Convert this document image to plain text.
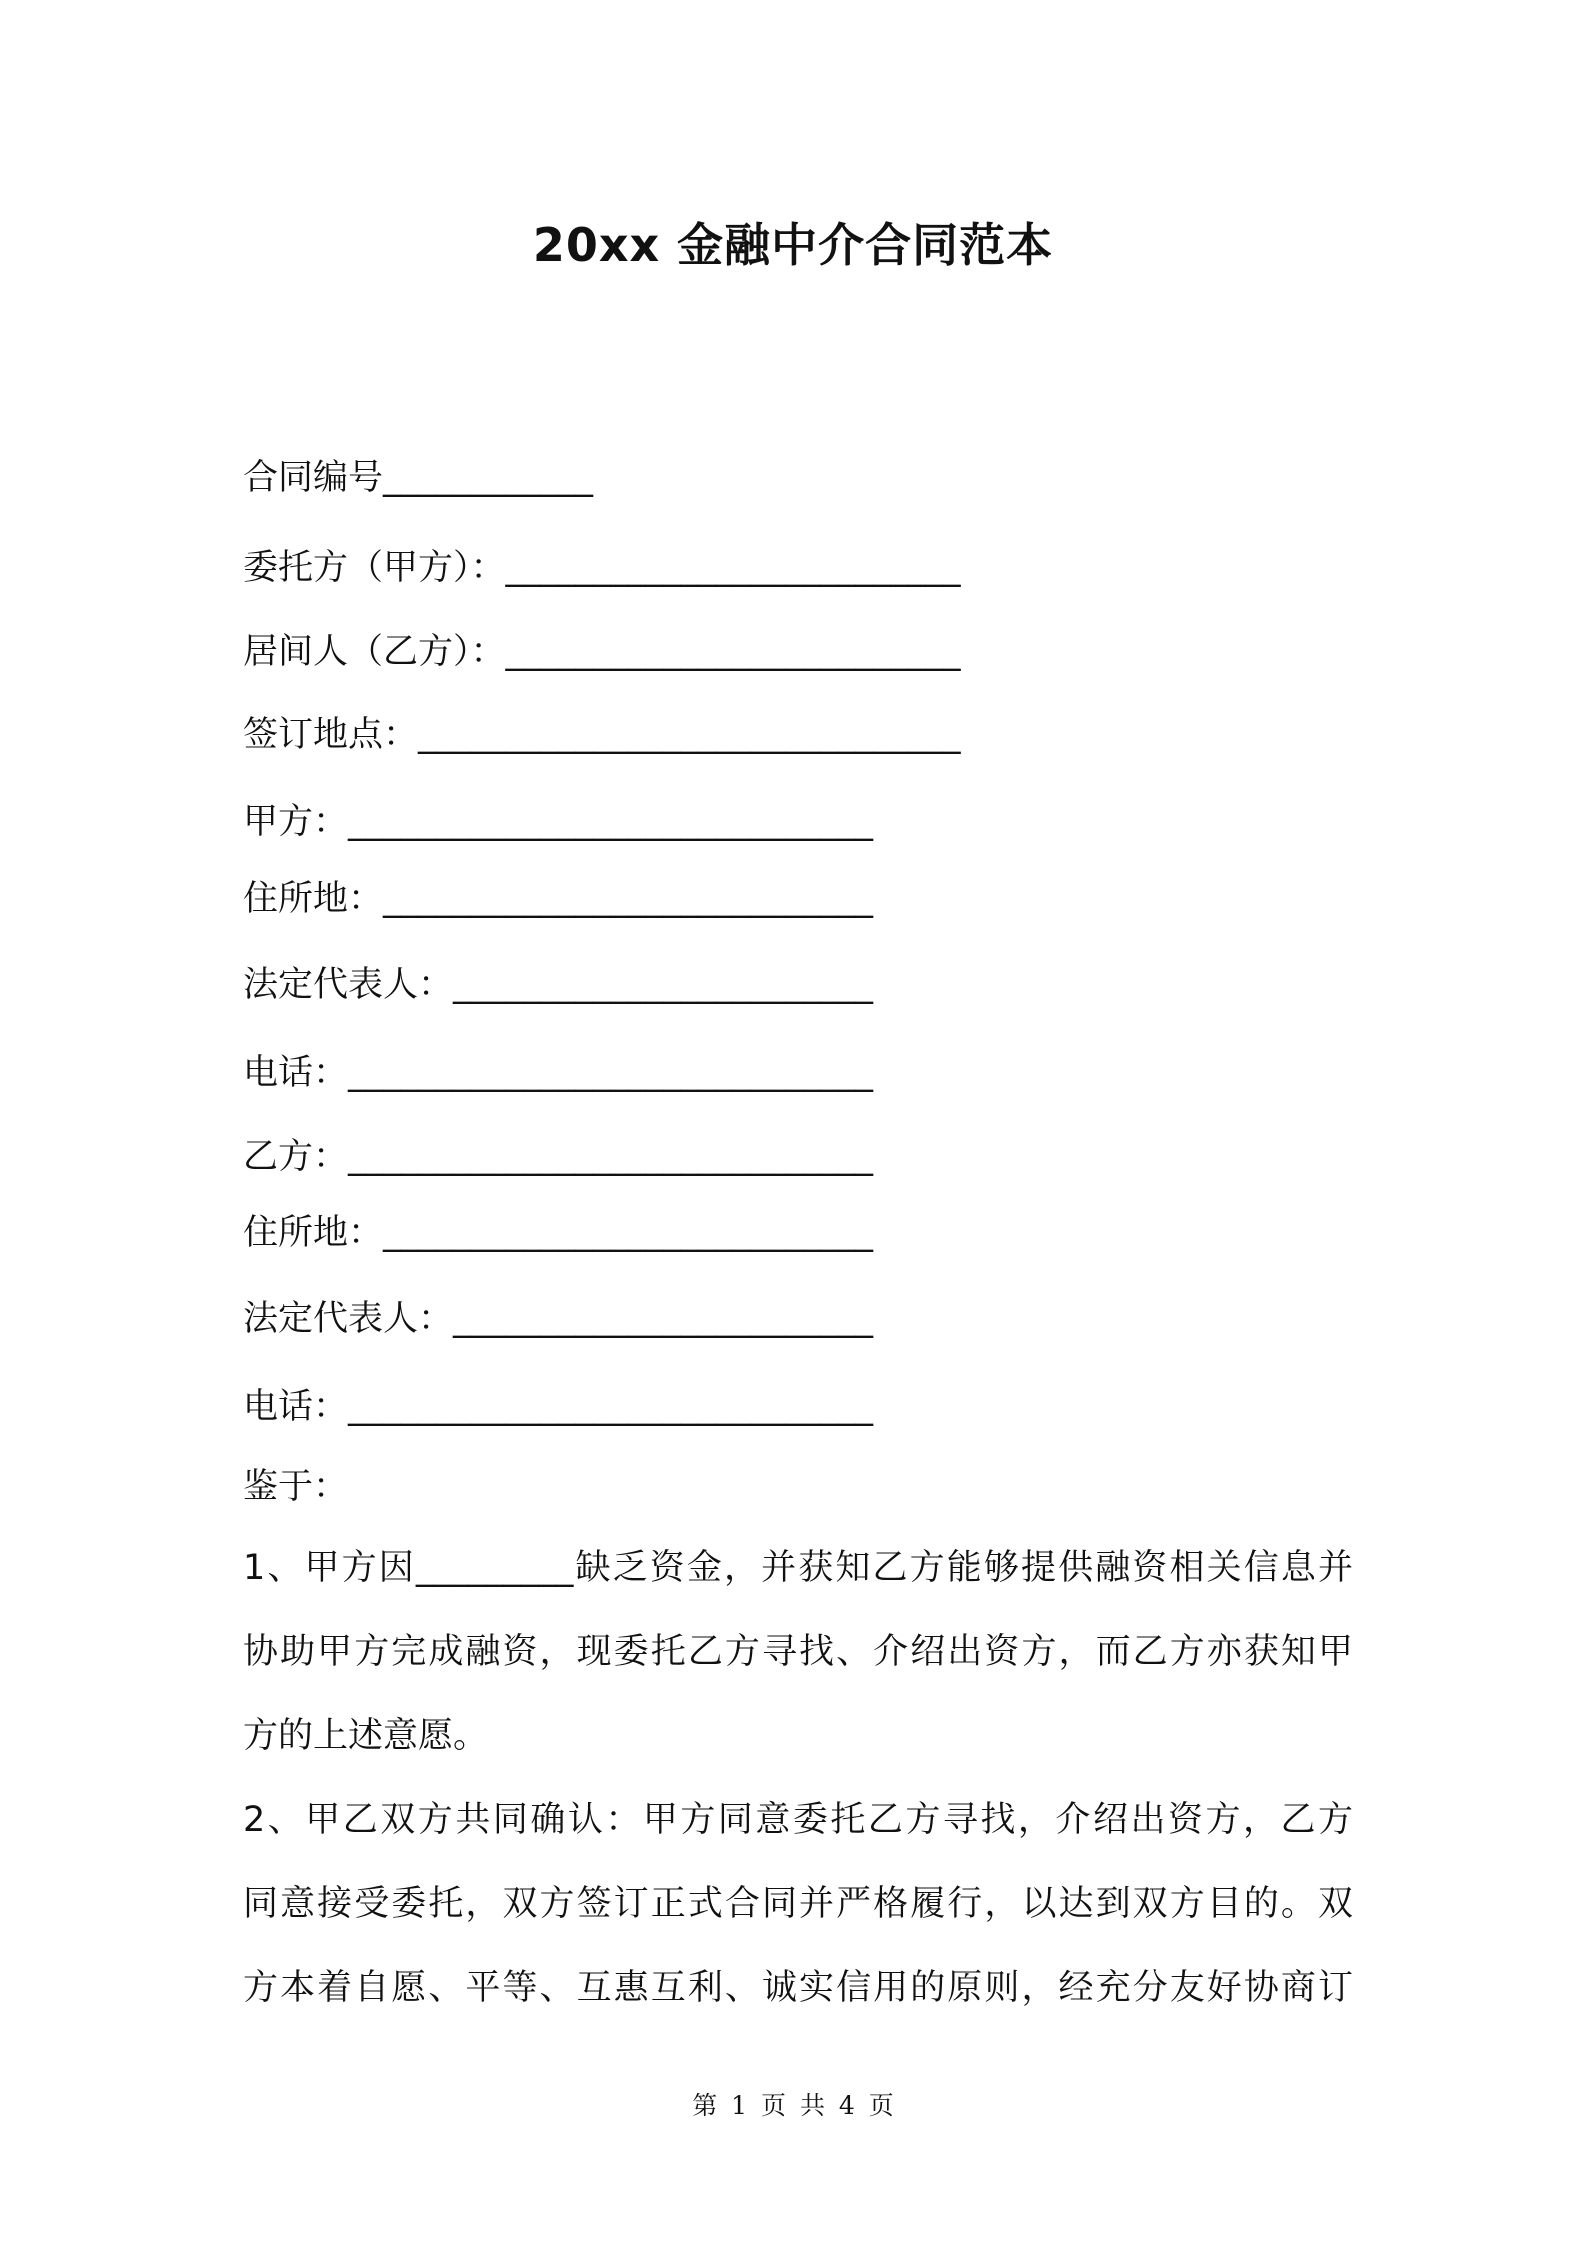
20xx 金融中介合同范本
合同编号____________
委托方（甲方）：__________________________
居间人（乙方）：__________________________
签订地点：_______________________________
甲方：______________________________
住所地：____________________________
法定代表人：________________________
电话：______________________________
乙方：______________________________
住所地：____________________________
法定代表人：________________________
电话：______________________________
鉴于：
1、甲方因_________缺乏资金，并获知乙方能够提供融资相关信息并
协助甲方完成融资，现委托乙方寻找、介绍出资方，而乙方亦获知甲
方的上述意愿。
2、甲乙双方共同确认：甲方同意委托乙方寻找，介绍出资方，乙方
同意接受委托，双方签订正式合同并严格履行，以达到双方目的。双
方本着自愿、平等、互惠互利、诚实信用的原则，经充分友好协商订
第 1 页 共 4 页
